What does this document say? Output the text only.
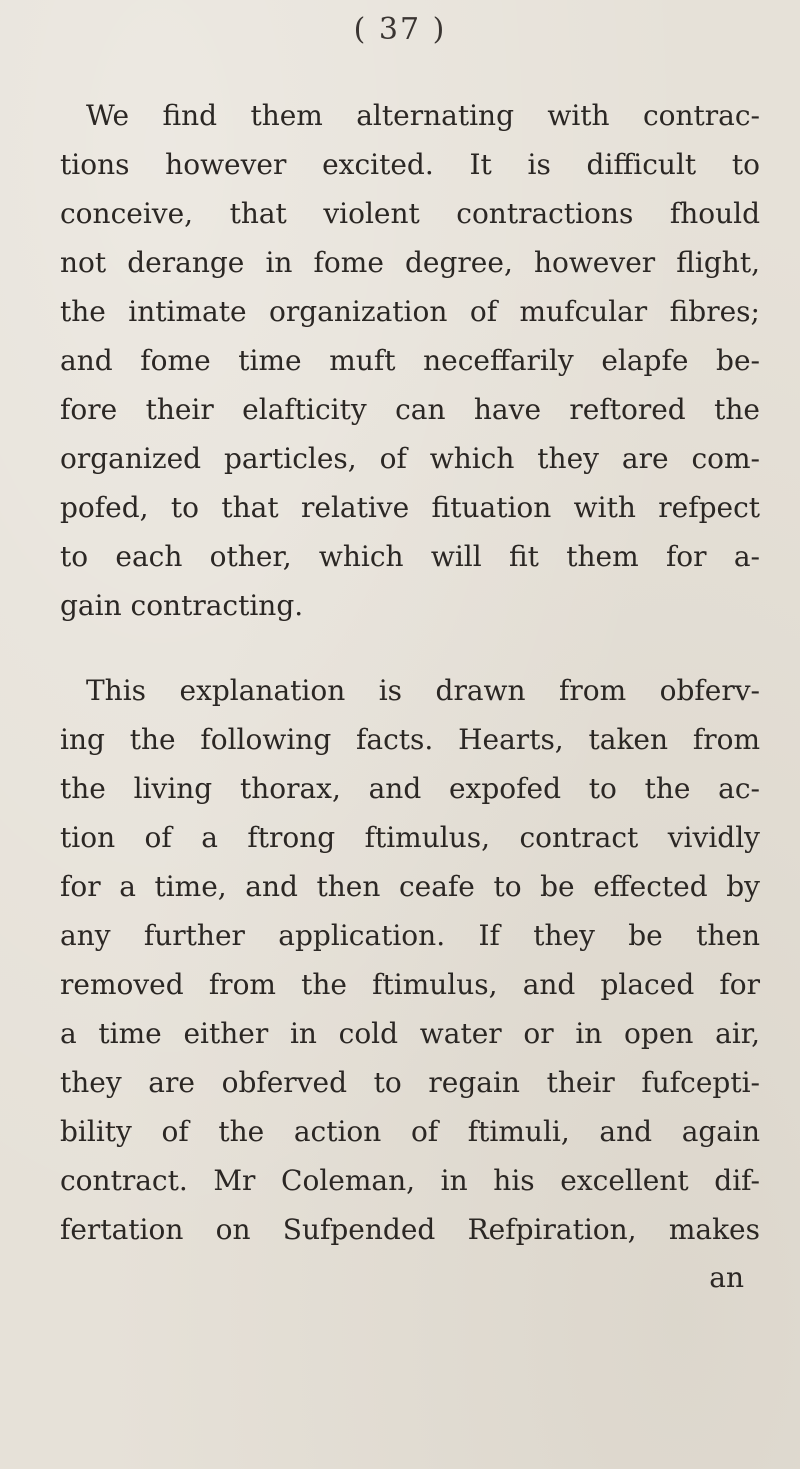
( 37 )
We find them alternating with contrac-
tions however excited. It is difficult to
conceive, that violent contractions fhould
not derange in fome degree, however flight,
the intimate organization of mufcular fibres;
and fome time muft neceffarily elapfe be-
fore their elafticity can have reftored the
organized particles, of which they are com-
pofed, to that relative fituation with refpect
to each other, which will fit them for a-
gain contracting.
This explanation is drawn from obferv-
ing the following facts. Hearts, taken from
the living thorax, and expofed to the ac-
tion of a ftrong ftimulus, contract vividly
for a time, and then ceafe to be effected by
any further application. If they be then
removed from the ftimulus, and placed for
a time either in cold water or in open air,
they are obferved to regain their fufcepti-
bility of the action of ftimuli, and again
contract. Mr Coleman, in his excellent dif-
fertation on Sufpended Refpiration, makes
an
